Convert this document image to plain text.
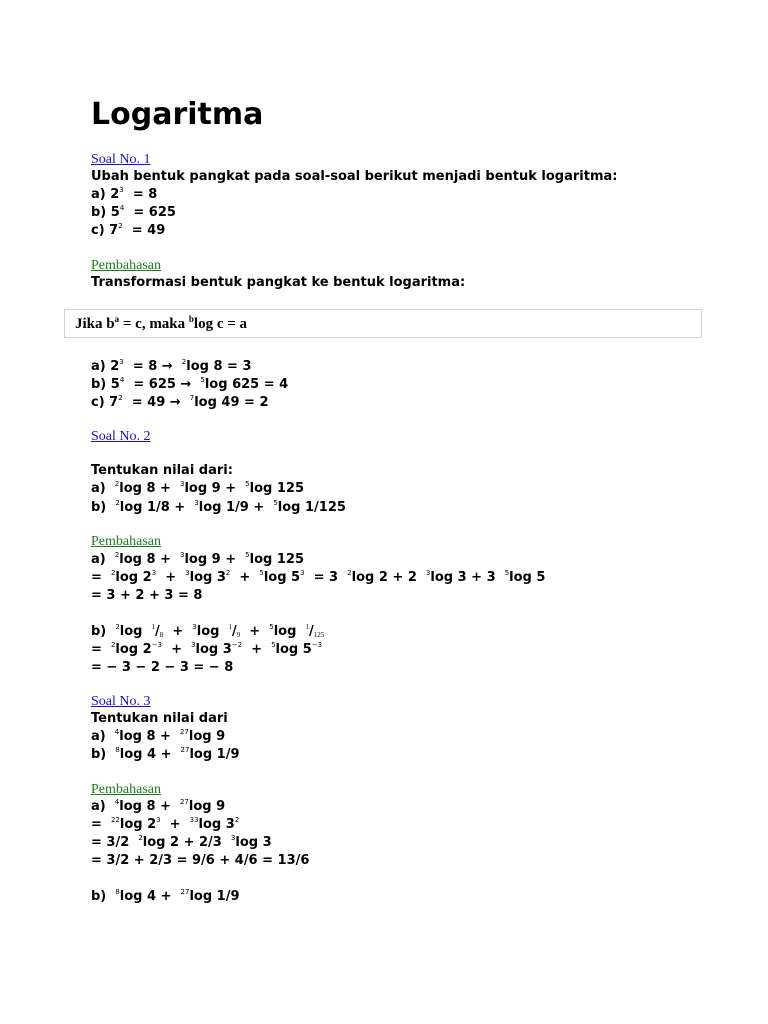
Logaritma
Soal No. 1
Ubah bentuk pangkat pada soal-soal berikut menjadi bentuk logaritma:
a) $2^3 = 8$
b) $5^4 = 625$
c) $7^2 = 49$
Pembahasan
Transformasi bentuk pangkat ke bentuk logaritma:
Jika $b^a = c$, maka $^b$log c = a
a) $2^3 = 8 \to ^2\log$ 8 = 3
b) $5^4 = 625 \to ^5\log$ 625 = 4
c) $7^2 = 49 \to ^7\log$ 49 = 2
Soal No. 2
Tentukan nilai dari:
a)  $^2$log 8 +  $^3$log 9 +  $^5$log 125
b)  $^2$log 1/8 +  $^3$log 1/9 +  $^5$log 1/125
Pembahasan
a)  $^2$log 8 +  $^3$log 9 +  $^5$log 125
=  $^2$log $2^3 + ^3\log$ $3^2 + ^5\log$ $5^3 = 3$  $^2$log 2 + 2  $^3$log 3 + 3  $^5$log 5
= 3 + 2 + 3 = 8
b)  $^2$log  $^1/_8 + ^3\log$  $^1/_9 + ^5\log$  $^1/_{125}$
=  $^2$log $2^{-3} + ^3\log$ $3^{-2} + ^5\log$ $5^{-3}$
= − 3 − 2 − 3 = − 8
Soal No. 3
Tentukan nilai dari
a)  $^4$log 8 +  $^{27}$log 9
b)  $^8$log 4 +  $^{27}$log 1/9
Pembahasan
a)  $^4$log 8 +  $^{27}$log 9
=  $^{22}$log $2^3 + ^{33}\log$ $3^2$
= 3/2  $^2$log 2 + 2/3  $^3$log 3
= 3/2 + 2/3 = 9/6 + 4/6 = 13/6
b)  $^8$log 4 +  $^{27}$log 1/9
